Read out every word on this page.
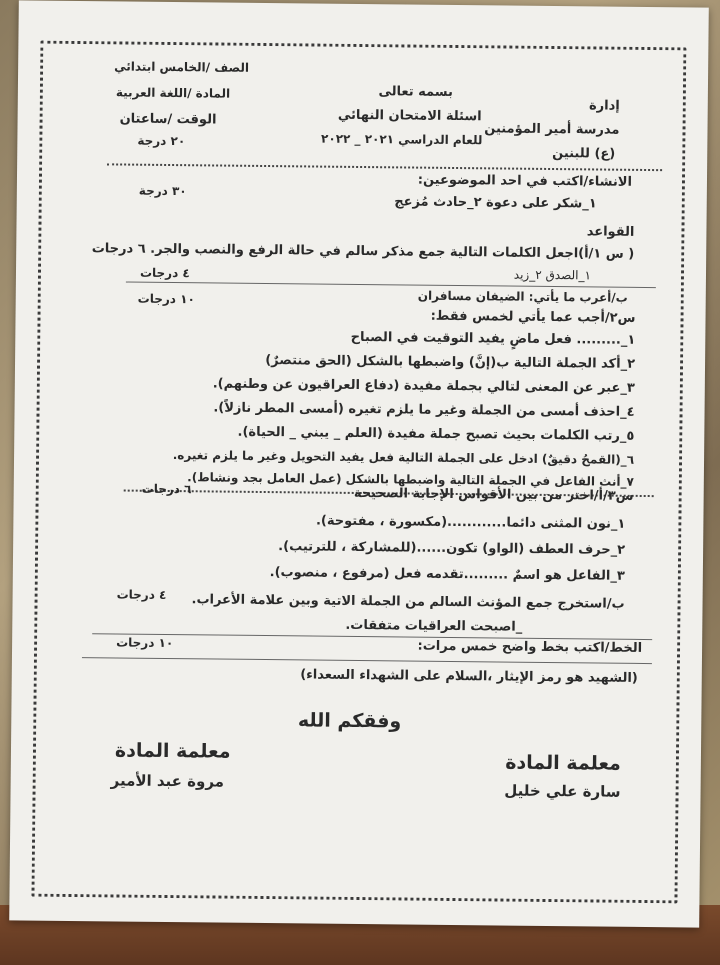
إدارة
مدرسة أمير المؤمنين
(ع) للبنين
بسمه تعالى
اسئلة الامتحان النهائي
للعام الدراسي ٢٠٢١ _ ٢٠٢٢
الصف /الخامس ابتدائي
المادة /اللغة العربية
الوقت /ساعتان
٢٠ درجة
الانشاء/اكتب في احد الموضوعين:
١_شكر على دعوة ٢_حادث مُزعج
٣٠ درجة
القواعد
( س ١/أ)اجعل الكلمات التالية جمع مذكر سالم في حالة الرفع والنصب والجر. ٦ درجات
١_الصدق ٢_زيد
٤ درجات
ب/أعرب ما يأتي: الضيفان مسافران
١٠ درجات
س٢/أجب عما يأتي لخمس فقط:
١_......... فعل ماضٍ يفيد التوقيت في الصباح
٢_أكد الجملة التالية ب(إنَّ) واضبطها بالشكل (الحق منتصرٌ)
٣_عبر عن المعنى لتالي بجملة مفيدة (دفاع العراقيون عن وطنهم).
٤_احذف أمسى من الجملة وغير ما يلزم تغيره (أمسى المطر نازلاً).
٥_رتب الكلمات بحيث تصبح جملة مفيدة (العلم _ يبني _ الحياة).
٦_(القمحُ دقيقٌ) ادخل على الجملة التالية فعل يفيد التحويل وغير ما يلزم تغيره.
٧_أنث الفاعل في الجملة التالية واضبطها بالشكل (عمل العامل بجد ونشاط).
س٣/أ/اختر من بين الأقواس الإجابة الصحيحة
٦ درجات
١_نون المثنى دائما............(مكسورة ، مفتوحة).
٢_حرف العطف (الواو) تكون......(للمشاركة ، للترتيب).
٣_الفاعل هو اسمٌ .........تقدمه فعل (مرفوع ، منصوب).
ب/استخرج جمع المؤنث السالم من الجملة الاتية وبين علامة الأعراب.
٤ درجات
_اصبحت العراقيات متفقات.
الخط/اكتب بخط واضح خمس مرات:
١٠ درجات
(الشهيد هو رمز الإيثار ،السلام على الشهداء السعداء)
وفقكم الله
معلمة المادة
سارة علي خليل
معلمة المادة
مروة عبد الأمير
